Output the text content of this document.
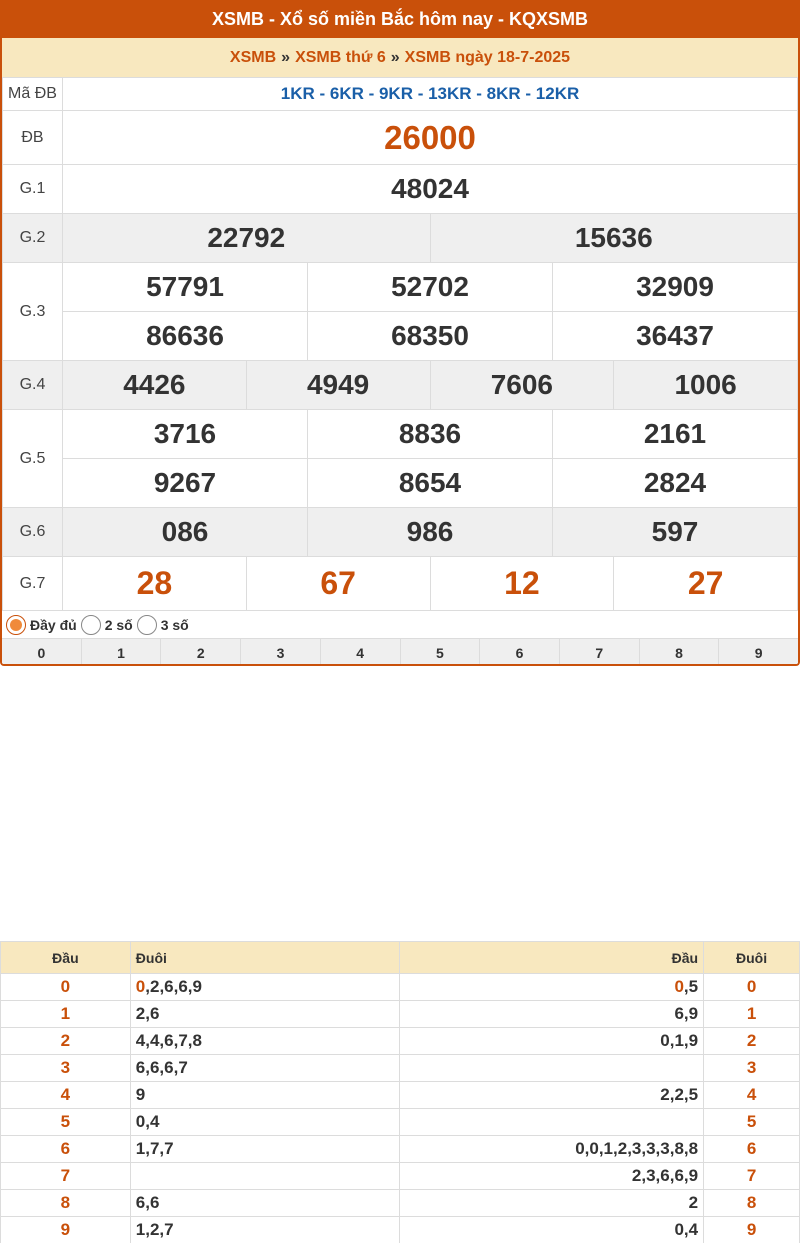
XSMB - Xổ số miền Bắc hôm nay - KQXSMB
XSMB » XSMB thứ 6 » XSMB ngày 18-7-2025
Mã ĐB	1KR - 6KR - 9KR - 13KR - 8KR - 12KR					
ĐB	26000					
G.1	48024					
G.2	22792			15636		
G.3	57791		52702		32909	
	86636		68350		36437	
G.4	4426	4949		7606		1006
G.5	3716		8836		2161	
	9267		8654		2824	
G.6	086		986		597	
G.7	28	67		12		27
Đầy đủ 2 số 3 số
0	1	2	3	4	5	6	7	8	9
Đầu	Đuôi	Đầu	Đuôi
0	0,2,6,6,9	0,5	0
1	2,6	6,9	1
2	4,4,6,7,8	0,1,9	2
3	6,6,6,7		3
4	9	2,2,5	4
5	0,4		5
6	1,7,7	0,0,1,2,3,3,3,8,8	6
7		2,3,6,6,9	7
8	6,6	2	8
9	1,2,7	0,4	9
